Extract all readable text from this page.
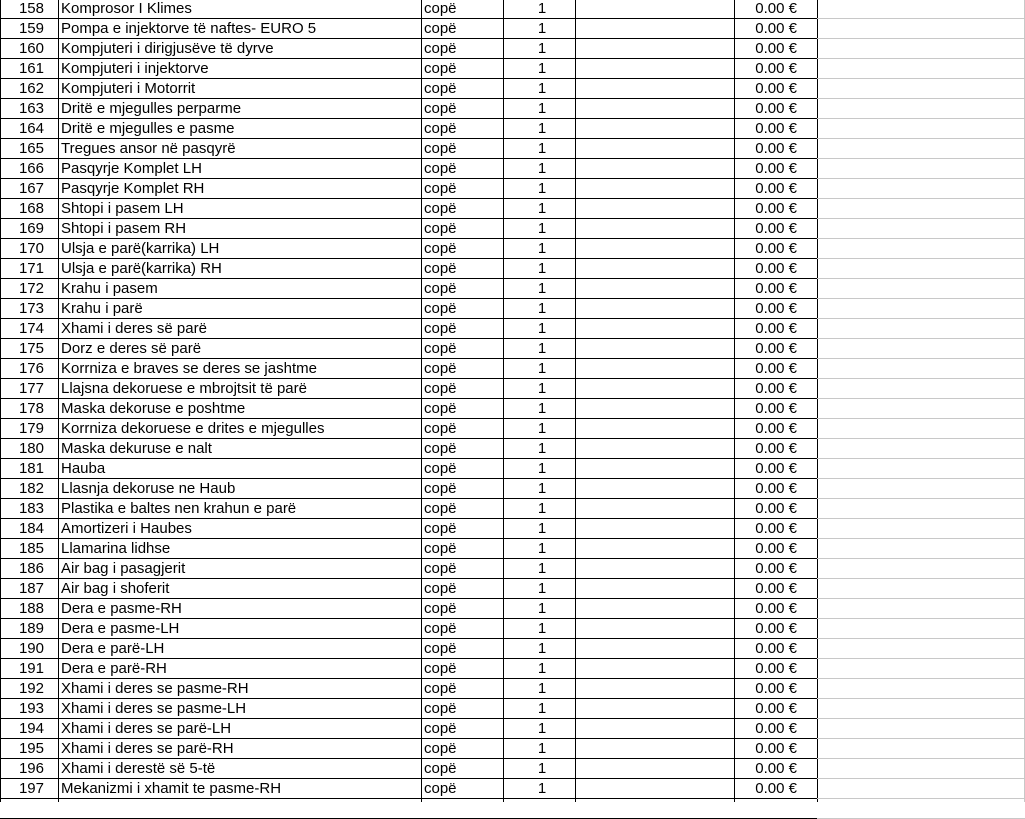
158	Komprosor I Klimes	copë	1	0.00 €
159	Pompa e injektorve të naftes- EURO 5	copë	1	0.00 €
160	Kompjuteri i dirigjusëve të dyrve	copë	1	0.00 €
161	Kompjuteri i injektorve	copë	1	0.00 €
162	Kompjuteri i Motorrit	copë	1	0.00 €
163	Dritë e mjegulles perparme	copë	1	0.00 €
164	Dritë e mjegulles e pasme	copë	1	0.00 €
165	Tregues ansor në pasqyrë	copë	1	0.00 €
166	Pasqyrje Komplet LH	copë	1	0.00 €
167	Pasqyrje Komplet RH	copë	1	0.00 €
168	Shtopi i pasem LH	copë	1	0.00 €
169	Shtopi i pasem RH	copë	1	0.00 €
170	Ulsja e parë(karrika) LH	copë	1	0.00 €
171	Ulsja e parë(karrika) RH	copë	1	0.00 €
172	Krahu i pasem	copë	1	0.00 €
173	Krahu i parë	copë	1	0.00 €
174	Xhami i deres së parë	copë	1	0.00 €
175	Dorz e deres së parë	copë	1	0.00 €
176	Korrniza e braves se deres se jashtme	copë	1	0.00 €
177	Llajsna dekoruese e mbrojtsit të parë	copë	1	0.00 €
178	Maska dekoruse e poshtme	copë	1	0.00 €
179	Korrniza dekoruese e drites e mjegulles	copë	1	0.00 €
180	Maska dekuruse e nalt	copë	1	0.00 €
181	Hauba	copë	1	0.00 €
182	Llasnja dekoruse ne Haub	copë	1	0.00 €
183	Plastika e baltes nen krahun e parë	copë	1	0.00 €
184	Amortizeri i Haubes	copë	1	0.00 €
185	Llamarina lidhse	copë	1	0.00 €
186	Air bag i pasagjerit	copë	1	0.00 €
187	Air bag i shoferit	copë	1	0.00 €
188	Dera e pasme-RH	copë	1	0.00 €
189	Dera e pasme-LH	copë	1	0.00 €
190	Dera e parë-LH	copë	1	0.00 €
191	Dera e parë-RH	copë	1	0.00 €
192	Xhami i deres se pasme-RH	copë	1	0.00 €
193	Xhami i deres se pasme-LH	copë	1	0.00 €
194	Xhami i deres se parë-LH	copë	1	0.00 €
195	Xhami i deres se parë-RH	copë	1	0.00 €
196	Xhami i derestë së 5-të	copë	1	0.00 €
197	Mekanizmi i xhamit te pasme-RH	copë	1	0.00 €
